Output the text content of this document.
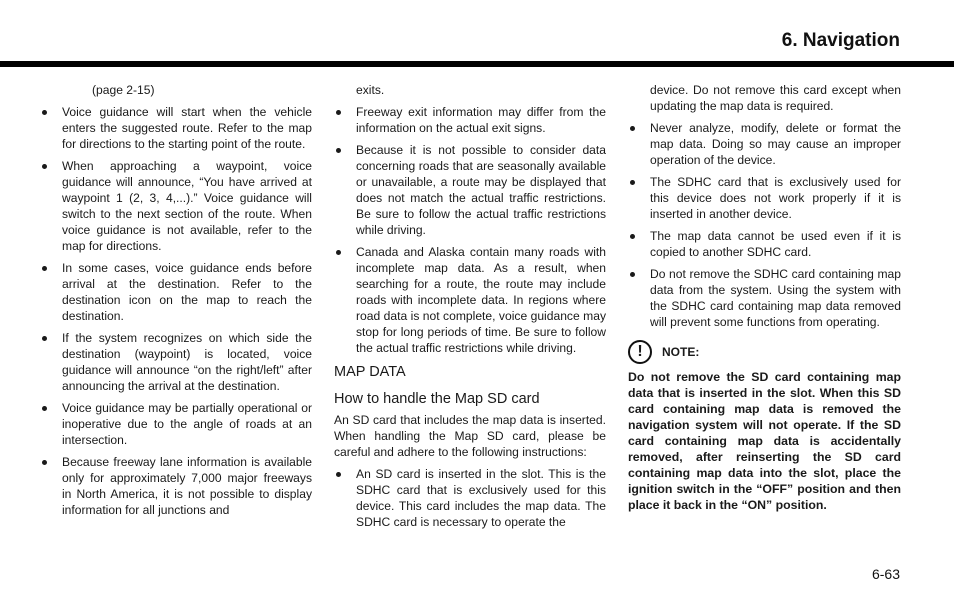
6. Navigation
(page 2-15)
Voice guidance will start when the vehicle enters the suggested route. Refer to the map for directions to the starting point of the route.
When approaching a waypoint, voice guidance will announce, “You have arrived at waypoint 1 (2, 3, 4,...).” Voice guidance will switch to the next section of the route. When voice guidance is not available, refer to the map for directions.
In some cases, voice guidance ends before arrival at the destination. Refer to the destination icon on the map to reach the destination.
If the system recognizes on which side the destination (waypoint) is located, voice guidance will announce “on the right/left” after announcing the arrival at the destination.
Voice guidance may be partially operational or inoperative due to the angle of roads at an intersection.
Because freeway lane information is available only for approximately 7,000 major freeways in North America, it is not possible to display information for all junctions and
exits.
Freeway exit information may differ from the information on the actual exit signs.
Because it is not possible to consider data concerning roads that are seasonally available or unavailable, a route may be displayed that does not match the actual traffic restrictions. Be sure to follow the actual traffic restrictions while driving.
Canada and Alaska contain many roads with incomplete map data. As a result, when searching for a route, the route may include roads with incomplete data. In regions where road data is not complete, voice guidance may stop for long periods of time. Be sure to follow the actual traffic restrictions while driving.
MAP DATA
How to handle the Map SD card

An SD card that includes the map data is inserted. When handling the Map SD card, please be careful and adhere to the following instructions:

An SD card is inserted in the slot. This is the SDHC card that is exclusively used for this device. This card includes the map data. The SDHC card is necessary to operate the
device. Do not remove this card except when updating the map data is required.
Never analyze, modify, delete or format the map data. Doing so may cause an improper operation of the device.
The SDHC card that is exclusively used for this device does not work properly if it is inserted in another device.
The map data cannot be used even if it is copied to another SDHC card.
Do not remove the SDHC card containing map data from the system. Using the system with the SDHC card containing map data removed will prevent some functions from operating.
!	NOTE:

Do not remove the SD card containing map data that is inserted in the slot. When this SD card containing map data is removed the navigation system will not operate. If the SD card containing map data is accidentally removed, after reinserting the SD card containing map data into the slot, place the ignition switch in the “OFF” position and then place it back in the “ON” position.

6-63
